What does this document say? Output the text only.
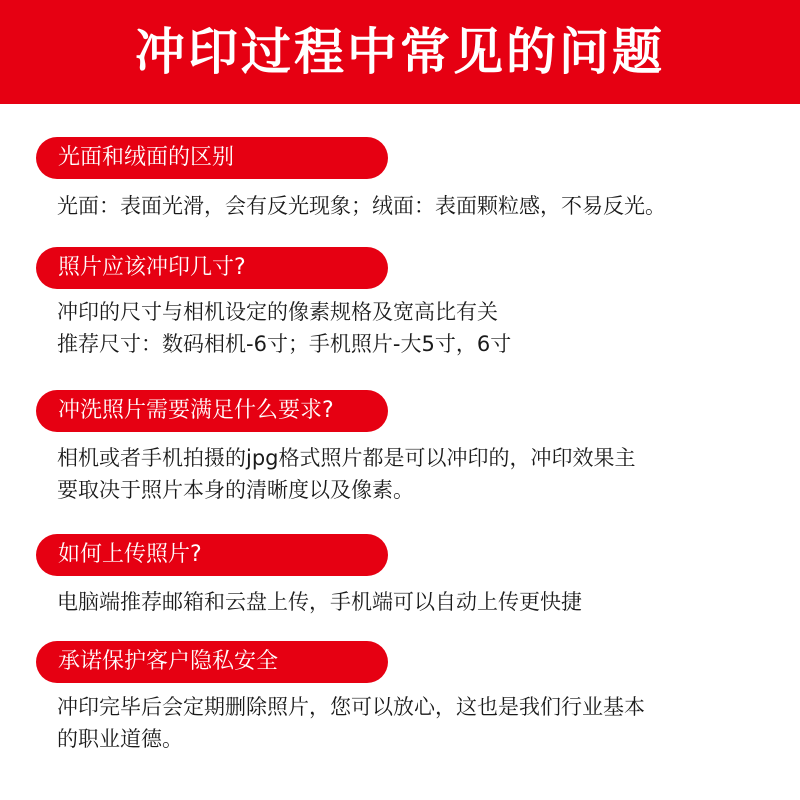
冲印过程中常见的问题
光面和绒面的区别
光面：表面光滑，会有反光现象；绒面：表面颗粒感，不易反光。
照片应该冲印几寸?
冲印的尺寸与相机设定的像素规格及宽高比有关
推荐尺寸：数码相机-6寸；手机照片-大5寸，6寸
冲洗照片需要满足什么要求?
相机或者手机拍摄的jpg格式照片都是可以冲印的，冲印效果主
要取决于照片本身的清晰度以及像素。
如何上传照片?
电脑端推荐邮箱和云盘上传，手机端可以自动上传更快捷
承诺保护客户隐私安全
冲印完毕后会定期删除照片，您可以放心，这也是我们行业基本
的职业道德。
